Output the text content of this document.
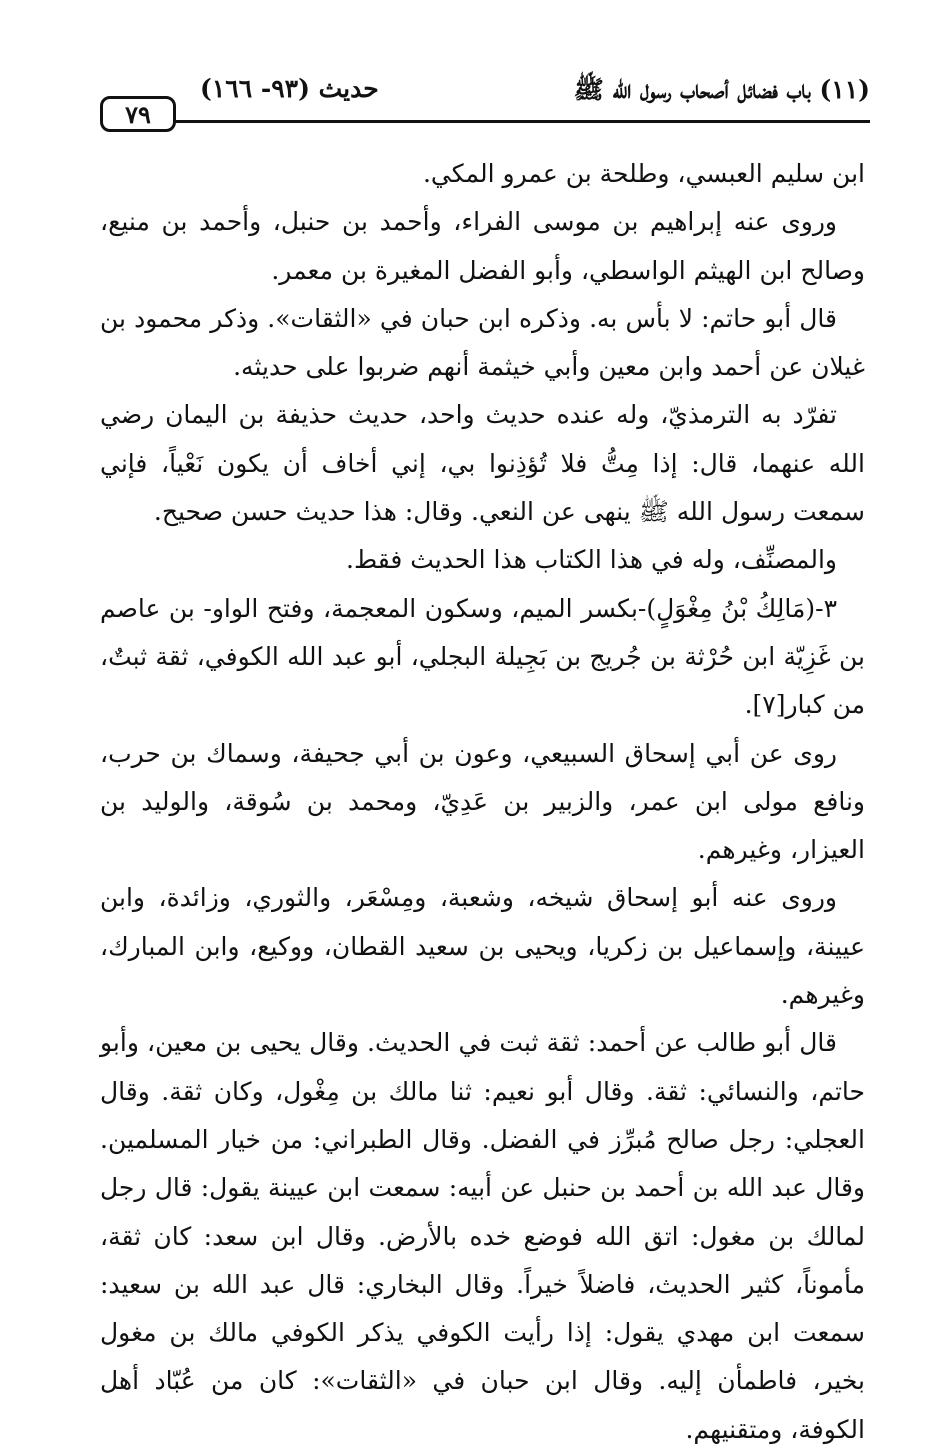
٧٩
حديث (٩٣- ١٦٦)	(١١) باب فضائل أصحاب رسول الله ﷺ

ابن سليم العبسي، وطلحة بن عمرو المكي.

وروى عنه إبراهيم بن موسى الفراء، وأحمد بن حنبل، وأحمد بن منيع، وصالح ابن الهيثم الواسطي، وأبو الفضل المغيرة بن معمر.

قال أبو حاتم: لا بأس به. وذكره ابن حبان في «الثقات». وذكر محمود بن غيلان عن أحمد وابن معين وأبي خيثمة أنهم ضربوا على حديثه.

تفرّد به الترمذيّ، وله عنده حديث واحد، حديث حذيفة بن اليمان رضي الله عنهما، قال: إذا مِتُّ فلا تُؤذِنوا بي، إني أخاف أن يكون نَعْياً، فإني سمعت رسول الله ﷺ ينهى عن النعي. وقال: هذا حديث حسن صحيح.

والمصنِّف، وله في هذا الكتاب هذا الحديث فقط.

٣-(مَالِكُ بْنُ مِغْوَلٍ)-بكسر الميم، وسكون المعجمة، وفتح الواو- بن عاصم بن غَزِيّة ابن حُرْثة بن جُريج بن بَجِيلة البجلي، أبو عبد الله الكوفي، ثقة ثبتٌ، من كبار[٧].

روى عن أبي إسحاق السبيعي، وعون بن أبي جحيفة، وسماك بن حرب، ونافع مولى ابن عمر، والزبير بن عَدِيّ، ومحمد بن سُوقة، والوليد بن العيزار، وغيرهم.

وروى عنه أبو إسحاق شيخه، وشعبة، ومِسْعَر، والثوري، وزائدة، وابن عيينة، وإسماعيل بن زكريا، ويحيى بن سعيد القطان، ووكيع، وابن المبارك، وغيرهم.

قال أبو طالب عن أحمد: ثقة ثبت في الحديث. وقال يحيى بن معين، وأبو حاتم، والنسائي: ثقة. وقال أبو نعيم: ثنا مالك بن مِغْول، وكان ثقة. وقال العجلي: رجل صالح مُبرِّز في الفضل. وقال الطبراني: من خيار المسلمين. وقال عبد الله بن أحمد بن حنبل عن أبيه: سمعت ابن عيينة يقول: قال رجل لمالك بن مغول: اتق الله فوضع خده بالأرض. وقال ابن سعد: كان ثقة، مأموناً، كثير الحديث، فاضلاً خيراً. وقال البخاري: قال عبد الله بن سعيد: سمعت ابن مهدي يقول: إذا رأيت الكوفي يذكر الكوفي مالك بن مغول بخير، فاطمأن إليه. وقال ابن حبان في «الثقات»: كان من عُبّاد أهل الكوفة، ومتقنيهم.
